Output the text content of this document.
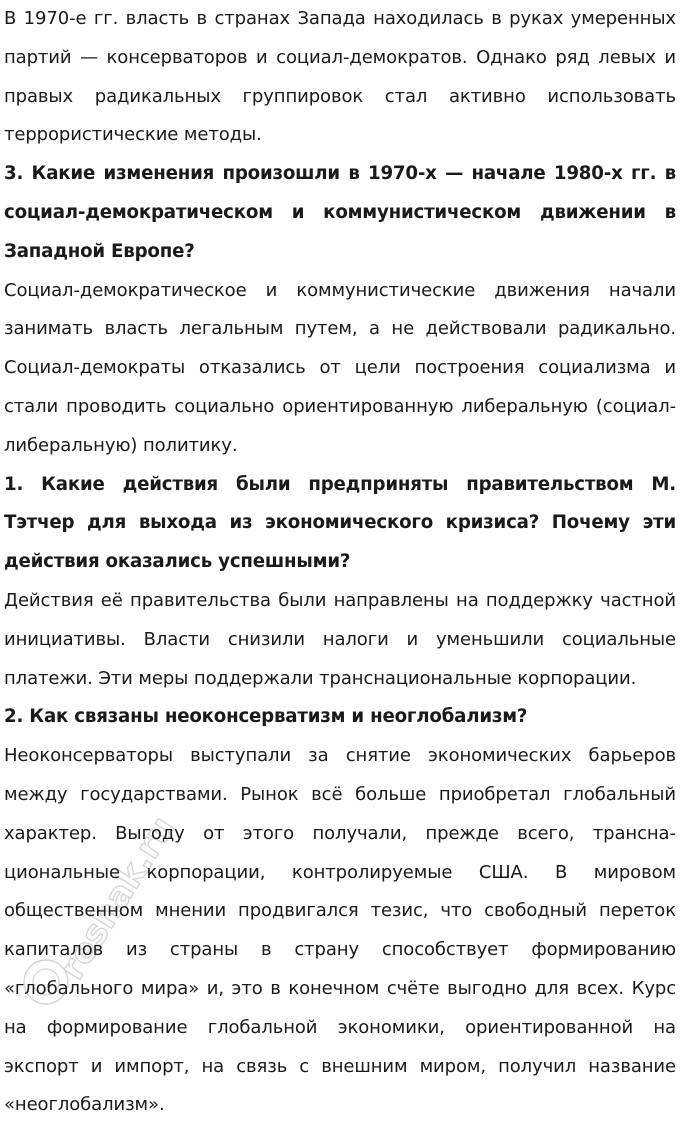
В 1970-е гг. власть в странах Запада находилась в руках умеренных партий — консерваторов и социал-демократов. Однако ряд левых и правых радикальных группировок стал активно использовать террористические методы.

3. Какие изменения произошли в 1970-х — начале 1980-х гг. в социал-демократическом и коммунистическом движении в Западной Европе?

Социал-демократическое и коммунистические движения начали занимать власть легальным путем, а не действовали радикально. Социал-демократы отказались от цели построения социализма и стали проводить социально ориентированную либеральную (социал-либеральную) политику.

1. Какие действия были предприняты правительством М. Тэтчер для выхода из экономического кризиса? Почему эти действия оказались успешными?

Действия её правительства были направлены на поддержку частной инициативы. Власти снизили налоги и уменьшили социальные платежи. Эти меры поддержали транснациональные корпорации.

2. Как связаны неоконсерватизм и неоглобализм?

Неоконсерваторы выступали за снятие экономических барьеров между государствами. Рынок всё больше приобретал глобальный характер. Выгоду от этого получали, прежде всего, транснациональные корпорации, контролируемые США. В мировом общественном мнении продвигался тезис, что свободный переток капиталов из страны в страну способствует формированию «глобального мира» и, это в конечном счёте выгодно для всех. Курс на формирование глобальной экономики, ориентированной на экспорт и импорт, на связь с внешним миром, получил название «неоглобализм».

reshak.ru
